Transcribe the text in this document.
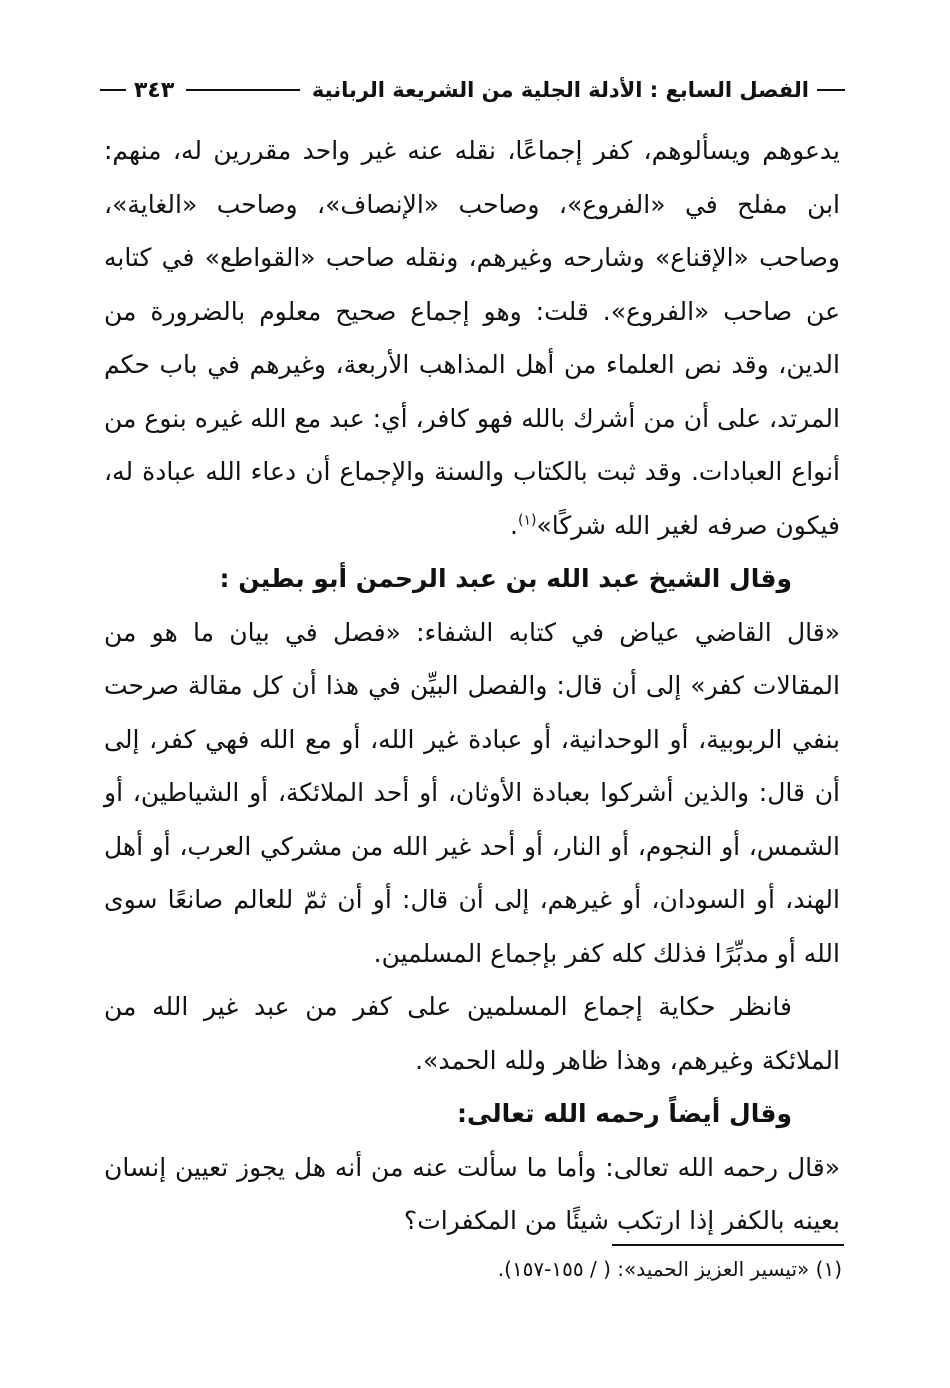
الفصل السابع : الأدلة الجلية من الشريعة الربانية
٣٤٣

يدعوهم ويسألوهم، كفر إجماعًا، نقله عنه غير واحد مقررين له، منهم: ابن مفلح في «الفروع»، وصاحب «الإنصاف»، وصاحب «الغاية»، وصاحب «الإقناع» وشارحه وغيرهم، ونقله صاحب «القواطع» في كتابه عن صاحب «الفروع». قلت: وهو إجماع صحيح معلوم بالضرورة من الدين، وقد نص العلماء من أهل المذاهب الأربعة، وغيرهم في باب حكم المرتد، على أن من أشرك بالله فهو كافر، أي: عبد مع الله غيره بنوع من أنواع العبادات. وقد ثبت بالكتاب والسنة والإجماع أن دعاء الله عبادة له، فيكون صرفه لغير الله شركًا»$^{(١)}$.

وقال الشيخ عبد الله بن عبد الرحمن أبو بطين :

«قال القاضي عياض في كتابه الشفاء: «فصل في بيان ما هو من المقالات كفر» إلى أن قال: والفصل البيِّن في هذا أن كل مقالة صرحت بنفي الربوبية، أو الوحدانية، أو عبادة غير الله، أو مع الله فهي كفر، إلى أن قال: والذين أشركوا بعبادة الأوثان، أو أحد الملائكة، أو الشياطين، أو الشمس، أو النجوم، أو النار، أو أحد غير الله من مشركي العرب، أو أهل الهند، أو السودان، أو غيرهم، إلى أن قال: أو أن ثمّ للعالم صانعًا سوى الله أو مدبِّرًا فذلك كله كفر بإجماع المسلمين.

فانظر حكاية إجماع المسلمين على كفر من عبد غير الله من الملائكة وغيرهم، وهذا ظاهر ولله الحمد».

وقال أيضاً رحمه الله تعالى:

«قال رحمه الله تعالى: وأما ما سألت عنه من أنه هل يجوز تعيين إنسان بعينه بالكفر إذا ارتكب شيئًا من المكفرات؟

(١) «تيسير العزيز الحميد»: ( / ١٥٥-١٥٧).
